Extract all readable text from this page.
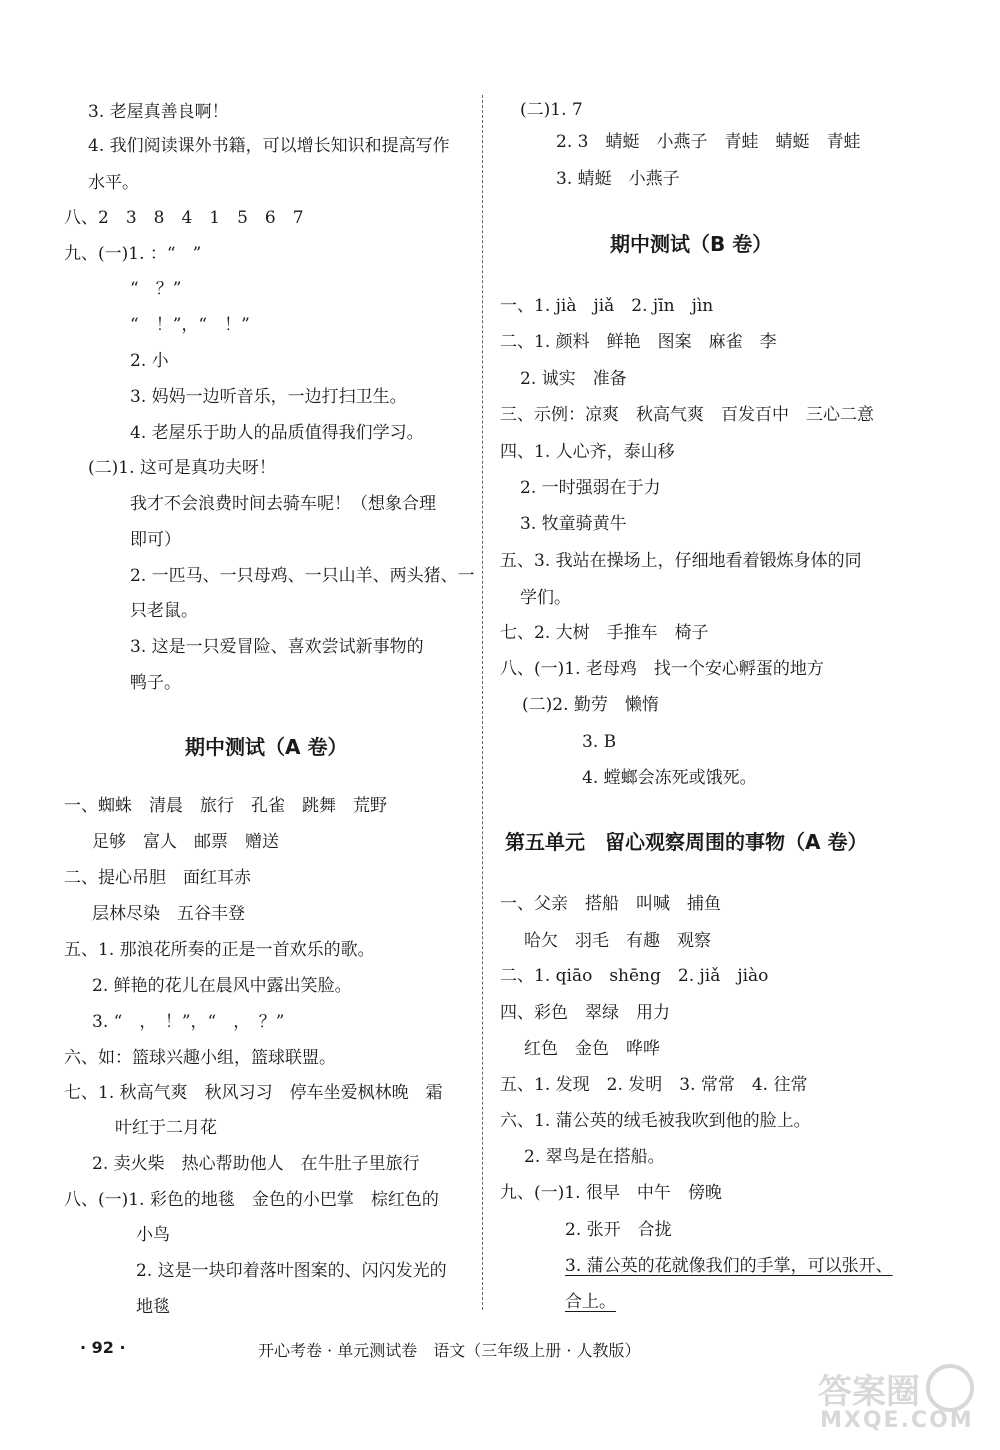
3. 老屋真善良啊！
4. 我们阅读课外书籍，可以增长知识和提高写作
水平。
八、2　3　8　4　1　5　6　7
九、(一)1. ：“　”
“　？”
“　！”，“　！”
2. 小
3. 妈妈一边听音乐，一边打扫卫生。
4. 老屋乐于助人的品质值得我们学习。
(二)1. 这可是真功夫呀！
我才不会浪费时间去骑车呢！（想象合理
即可）
2. 一匹马、一只母鸡、一只山羊、两头猪、一
只老鼠。
3. 这是一只爱冒险、喜欢尝试新事物的
鸭子。
期中测试（A 卷）
一、蜘蛛　清晨　旅行　孔雀　跳舞　荒野
足够　富人　邮票　赠送
二、提心吊胆　面红耳赤
层林尽染　五谷丰登
五、1. 那浪花所奏的正是一首欢乐的歌。
2. 鲜艳的花儿在晨风中露出笑脸。
3. “　，　！”，“　，　？”
六、如：篮球兴趣小组，篮球联盟。
七、1. 秋高气爽　秋风习习　停车坐爱枫林晚　霜
叶红于二月花
2. 卖火柴　热心帮助他人　在牛肚子里旅行
八、(一)1. 彩色的地毯　金色的小巴掌　棕红色的
小鸟
2. 这是一块印着落叶图案的、闪闪发光的
地毯
(二)1. 7
2. 3　蜻蜓　小燕子　青蛙　蜻蜓　青蛙
3. 蜻蜓　小燕子
期中测试（B 卷）
一、1. jià　jiǎ　2. jīn　jìn
二、1. 颜料　鲜艳　图案　麻雀　李
2. 诚实　准备
三、示例：凉爽　秋高气爽　百发百中　三心二意
四、1. 人心齐，泰山移
2. 一时强弱在于力
3. 牧童骑黄牛
五、3. 我站在操场上，仔细地看着锻炼身体的同
学们。
七、2. 大树　手推车　椅子
八、(一)1. 老母鸡　找一个安心孵蛋的地方
(二)2. 勤劳　懒惰
3. B
4. 螳螂会冻死或饿死。
第五单元　留心观察周围的事物（A 卷）
一、父亲　搭船　叫喊　捕鱼
哈欠　羽毛　有趣　观察
二、1. qiāo　shēng　2. jiǎ　jiào
四、彩色　翠绿　用力
红色　金色　哗哗
五、1. 发现　2. 发明　3. 常常　4. 往常
六、1. 蒲公英的绒毛被我吹到他的脸上。
2. 翠鸟是在搭船。
九、(一)1. 很早　中午　傍晚
2. 张开　合拢
3. 蒲公英的花就像我们的手掌，可以张开、
合上。
· 92 ·	开心考卷 · 单元测试卷　语文（三年级上册 · 人教版）
答案圈
MXQE.COM
